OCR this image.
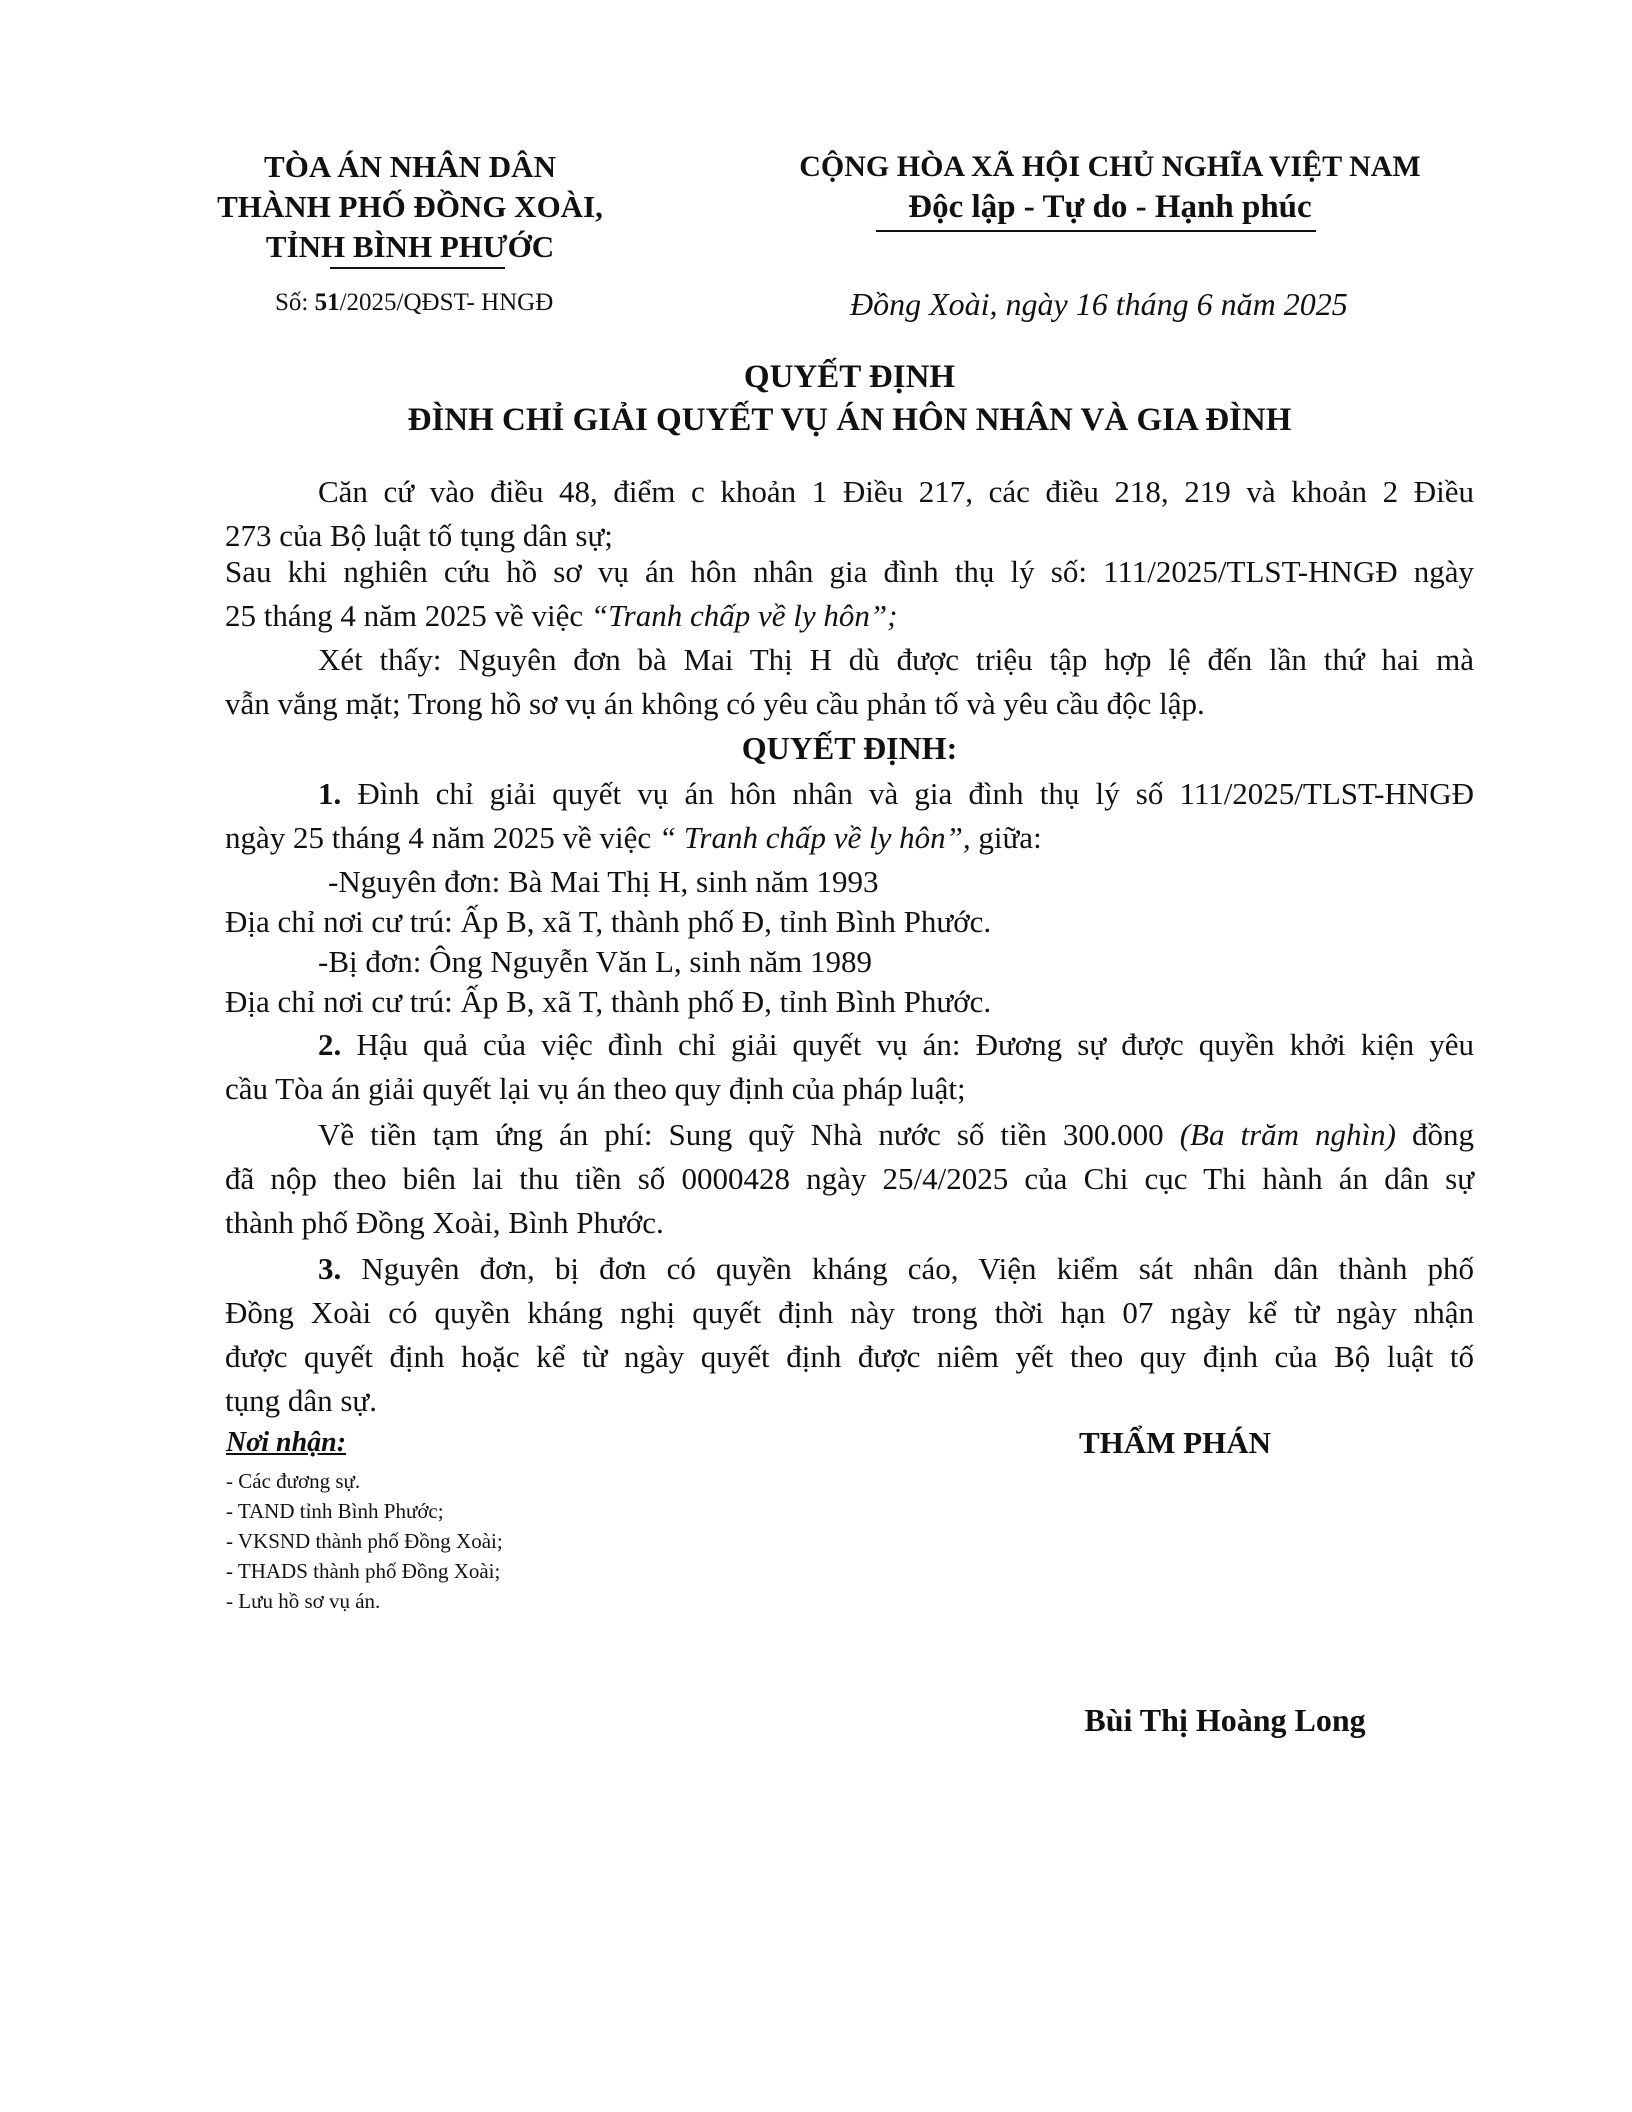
TÒA ÁN NHÂN DÂN
THÀNH PHỐ ĐỒNG XOÀI,
TỈNH BÌNH PHƯỚC
Số: 51/2025/QĐST- HNGĐ
CỘNG HÒA XÃ HỘI CHỦ NGHĨA VIỆT NAM
Độc lập - Tự do - Hạnh phúc
Đồng Xoài, ngày 16 tháng 6 năm 2025
QUYẾT ĐỊNH
ĐÌNH CHỈ GIẢI QUYẾT VỤ ÁN HÔN NHÂN VÀ GIA ĐÌNH
Căn cứ vào điều 48, điểm c khoản 1 Điều 217, các điều 218, 219 và khoản 2 Điều
273 của Bộ luật tố tụng dân sự;
Sau khi nghiên cứu hồ sơ vụ án hôn nhân gia đình thụ lý số: 111/2025/TLST-HNGĐ ngày
25 tháng 4 năm 2025 về việc “Tranh chấp về ly hôn”;
Xét thấy: Nguyên đơn bà Mai Thị H dù được triệu tập hợp lệ đến lần thứ hai mà
vẫn vắng mặt; Trong hồ sơ vụ án không có yêu cầu phản tố và yêu cầu độc lập.
QUYẾT ĐỊNH:
1. Đình chỉ giải quyết vụ án hôn nhân và gia đình thụ lý số 111/2025/TLST-HNGĐ
ngày 25 tháng 4 năm 2025 về việc “ Tranh chấp về ly hôn”, giữa:
-Nguyên đơn: Bà Mai Thị H, sinh năm 1993
Địa chỉ nơi cư trú: Ấp B, xã T, thành phố Đ, tỉnh Bình Phước.
-Bị đơn: Ông Nguyễn Văn L, sinh năm 1989
Địa chỉ nơi cư trú: Ấp B, xã T, thành phố Đ, tỉnh Bình Phước.
2. Hậu quả của việc đình chỉ giải quyết vụ án: Đương sự được quyền khởi kiện yêu
cầu Tòa án giải quyết lại vụ án theo quy định của pháp luật;
Về tiền tạm ứng án phí: Sung quỹ Nhà nước số tiền 300.000 (Ba trăm nghìn) đồng
đã nộp theo biên lai thu tiền số 0000428 ngày 25/4/2025 của Chi cục Thi hành án dân sự
thành phố Đồng Xoài, Bình Phước.
3. Nguyên đơn, bị đơn có quyền kháng cáo, Viện kiểm sát nhân dân thành phố
Đồng Xoài có quyền kháng nghị quyết định này trong thời hạn 07 ngày kể từ ngày nhận
được quyết định hoặc kể từ ngày quyết định được niêm yết theo quy định của Bộ luật tố
tụng dân sự.
Nơi nhận:
- Các đương sự.
- TAND tỉnh Bình Phước;
- VKSND thành phố Đồng Xoài;
- THADS thành phố Đồng Xoài;
- Lưu hồ sơ vụ án.
THẨM PHÁN
Bùi Thị Hoàng Long
